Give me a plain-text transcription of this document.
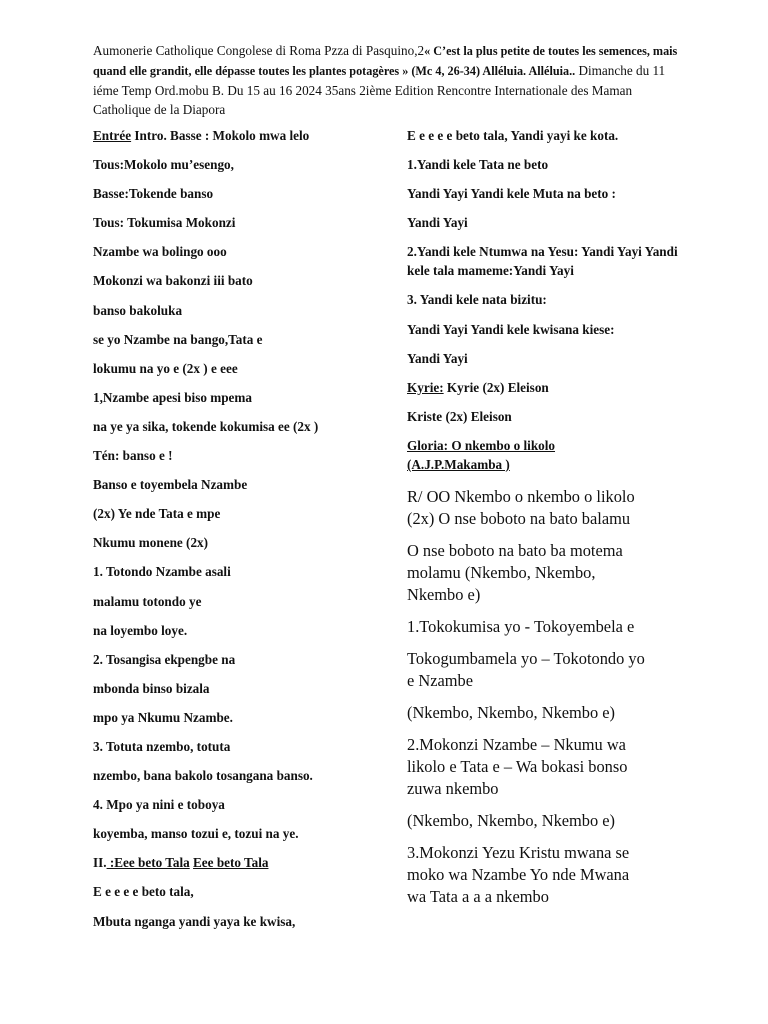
Aumonerie Catholique Congolese di Roma Pzza di Pasquino,2« C’est la plus petite de toutes les semences, mais quand elle grandit, elle dépasse toutes les plantes potagères » (Mc 4, 26-34) Alléluia. Alléluia.. Dimanche du 11 iéme Temp Ord.mobu B. Du 15 au 16 2024 35ans 2ième Edition Rencontre Internationale des Maman Catholique de la Diapora
Entrée Intro. Basse : Mokolo mwa lelo
Tous:Mokolo mu’esengo,
Basse:Tokende banso
Tous: Tokumisa Mokonzi
Nzambe wa bolingo ooo
Mokonzi wa bakonzi iii bato
banso bakoluka
se yo Nzambe na bango,Tata e
lokumu na yo e (2x ) e eee
1,Nzambe apesi biso mpema
na ye ya sika, tokende kokumisa ee (2x )
Tén: banso e !
Banso e toyembela Nzambe
(2x) Ye nde Tata e mpe
Nkumu monene (2x)
1. Totondo Nzambe asali
malamu totondo ye
na loyembo loye.
2. Tosangisa ekpengbe na
mbonda binso bizala
mpo ya Nkumu Nzambe.
3. Totuta nzembo, totuta
nzembo, bana bakolo tosangana banso.
4. Mpo ya nini e toboya
koyemba, manso tozui e, tozui na ye.
II. :Eee beto Tala Eee beto Tala
E e e e e beto tala,
Mbuta nganga yandi yaya ke kwisa,
E e e e e beto tala, Yandi yayi ke kota.
1.Yandi kele Tata ne beto
Yandi Yayi Yandi kele Muta na beto :
Yandi Yayi
2.Yandi kele Ntumwa na Yesu: Yandi Yayi Yandi kele tala mameme:Yandi Yayi
3. Yandi kele nata bizitu:
Yandi Yayi Yandi kele kwisana kiese:
Yandi Yayi
Kyrie: Kyrie (2x) Eleison
Kriste (2x) Eleison
Gloria: O nkembo o likolo
(A.J.P.Makamba )
R/ OO Nkembo o nkembo o likolo
(2x) O nse boboto na bato balamu
O nse boboto na bato ba motema
molamu (Nkembo, Nkembo,
Nkembo e)
1.Tokokumisa yo - Tokoyembela e
Tokogumbamela yo – Tokotondo yo
e Nzambe
(Nkembo, Nkembo, Nkembo e)
2.Mokonzi Nzambe – Nkumu wa
likolo e Tata e – Wa bokasi bonso
zuwa nkembo
(Nkembo, Nkembo, Nkembo e)
3.Mokonzi Yezu Kristu mwana se
moko wa Nzambe Yo nde Mwana
wa Tata a a a nkembo
